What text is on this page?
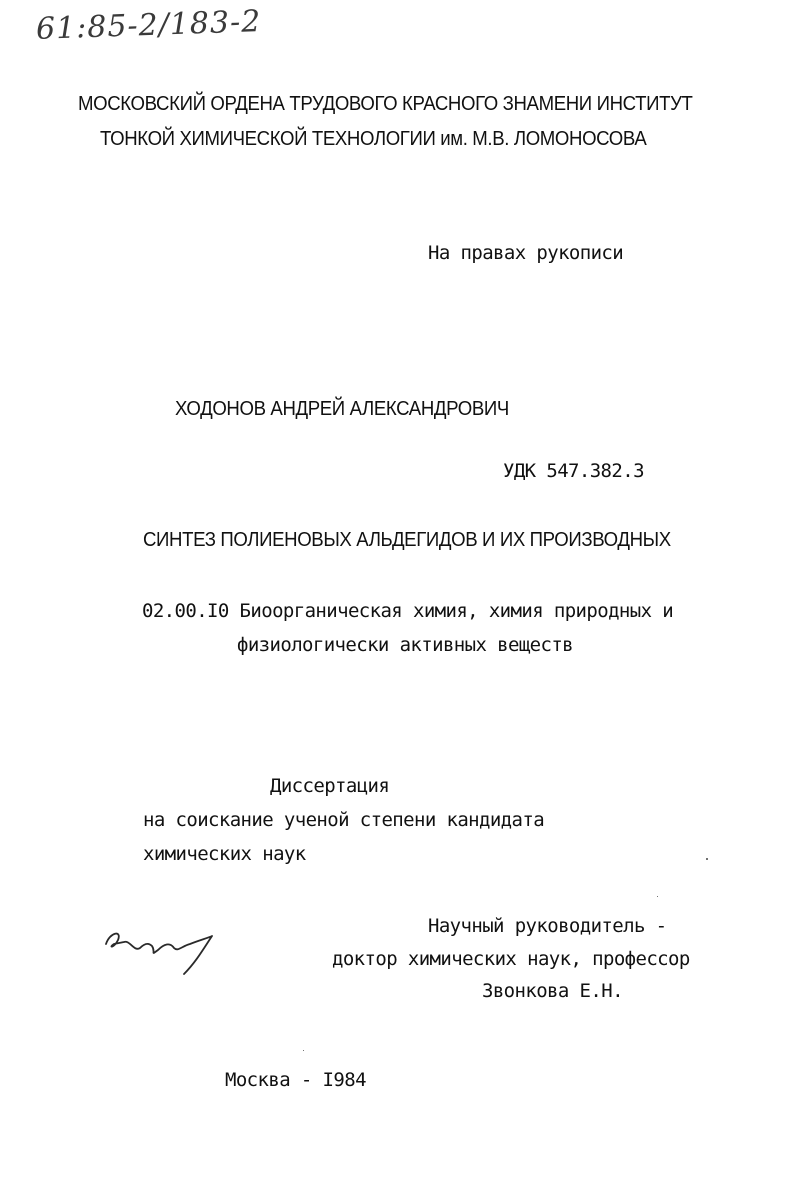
61:85-2/183-2
МОСКОВСКИЙ ОРДЕНА ТРУДОВОГО КРАСНОГО ЗНАМЕНИ ИНСТИТУТ
ТОНКОЙ ХИМИЧЕСКОЙ ТЕХНОЛОГИИ им. М.В. ЛОМОНОСОВА
На правах рукописи
ХОДОНОВ АНДРЕЙ АЛЕКСАНДРОВИЧ
УДК 547.382.3
СИНТЕЗ ПОЛИЕНОВЫХ АЛЬДЕГИДОВ И ИХ ПРОИЗВОДНЫХ
02.00.I0 Биоорганическая химия, химия природных и
физиологически активных веществ
Диссертация
на соискание ученой степени кандидата
химических наук
Научный руководитель -
доктор химических наук, профессор
Звонкова Е.Н.
Москва - I984
